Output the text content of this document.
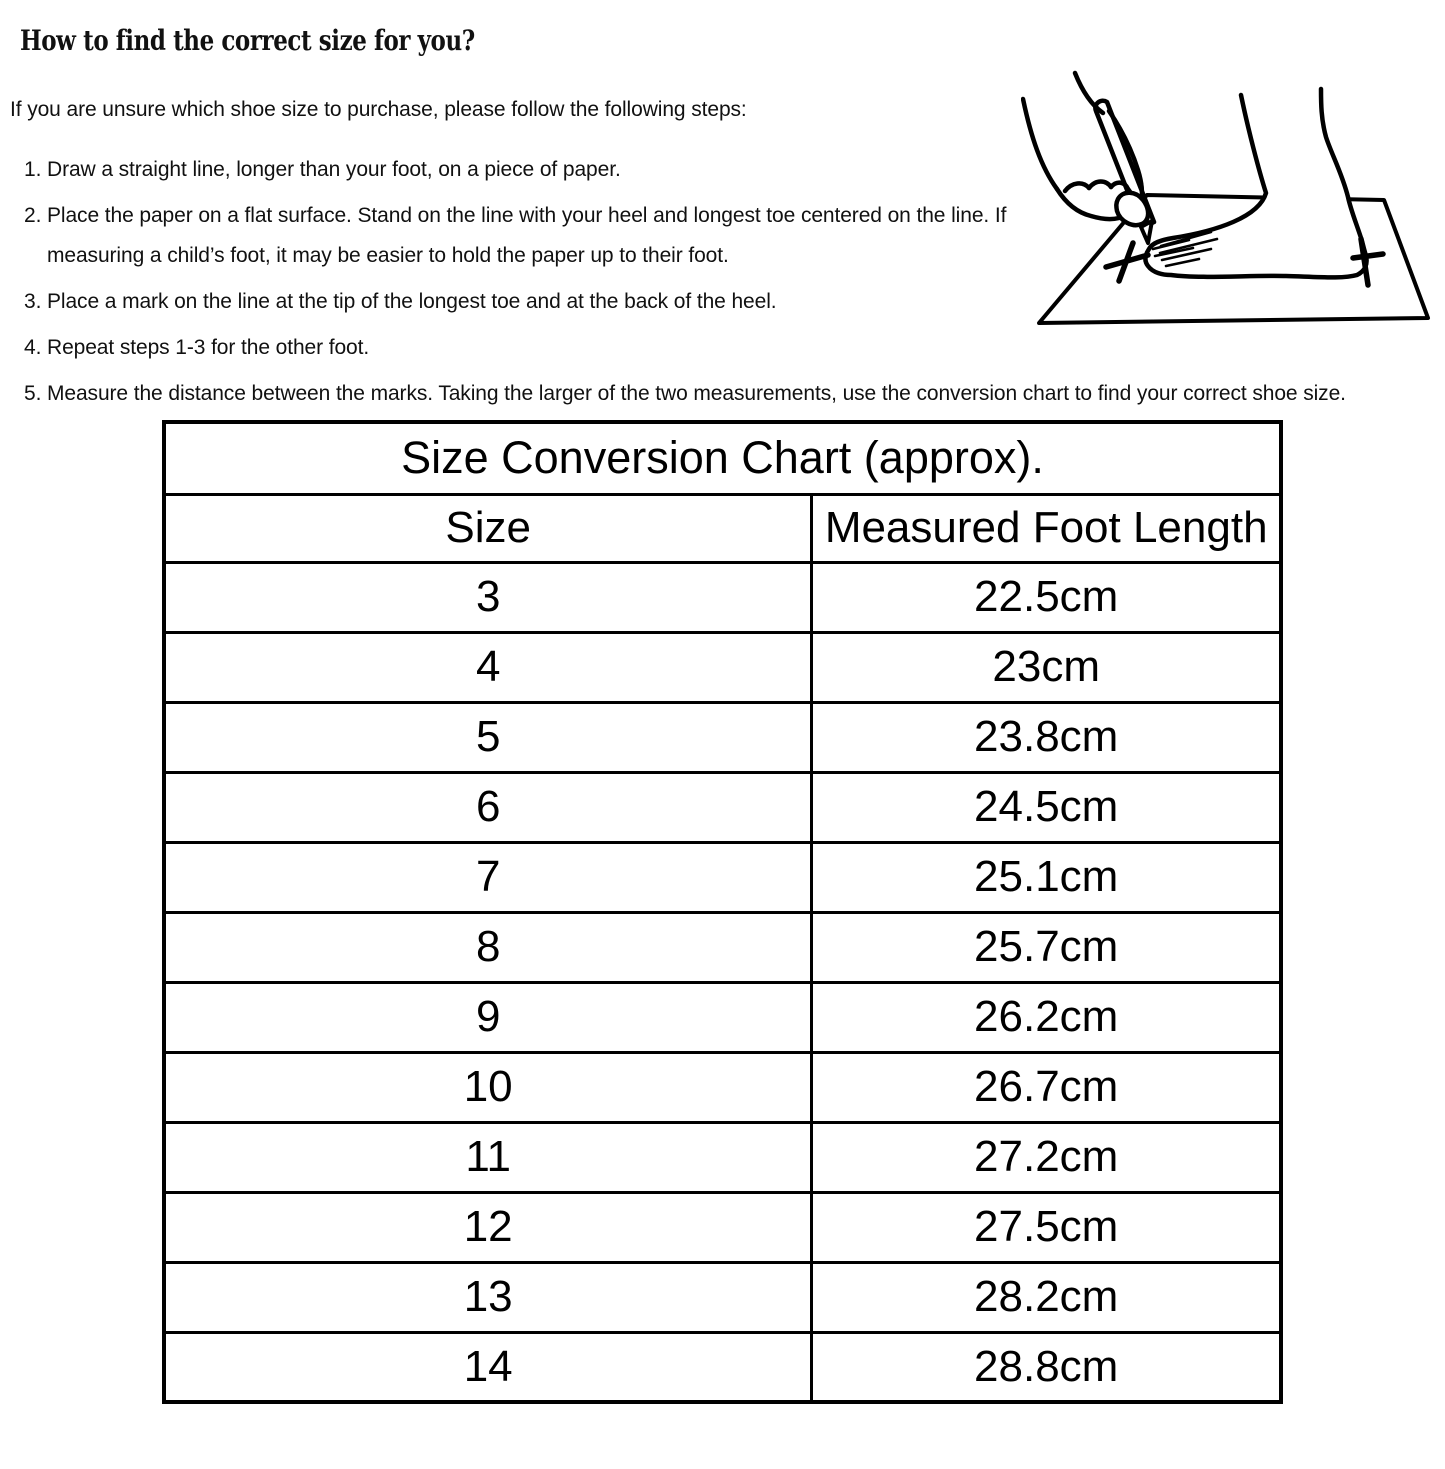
How to find the correct size for you?

If you are unsure which shoe size to purchase, please follow the following steps:

1. Draw a straight line, longer than your foot, on a piece of paper.
2. Place the paper on a flat surface. Stand on the line with your heel and longest toe centered on the line. If measuring a child’s foot, it may be easier to hold the paper up to their foot.
3. Place a mark on the line at the tip of the longest toe and at the back of the heel.
4. Repeat steps 1-3 for the other foot.
5. Measure the distance between the marks. Taking the larger of the two measurements, use the conversion chart to find your correct shoe size.
Size Conversion Chart (approx).	
Size	Measured Foot Length
3	22.5cm
4	23cm
5	23.8cm
6	24.5cm
7	25.1cm
8	25.7cm
9	26.2cm
10	26.7cm
11	27.2cm
12	27.5cm
13	28.2cm
14	28.8cm
